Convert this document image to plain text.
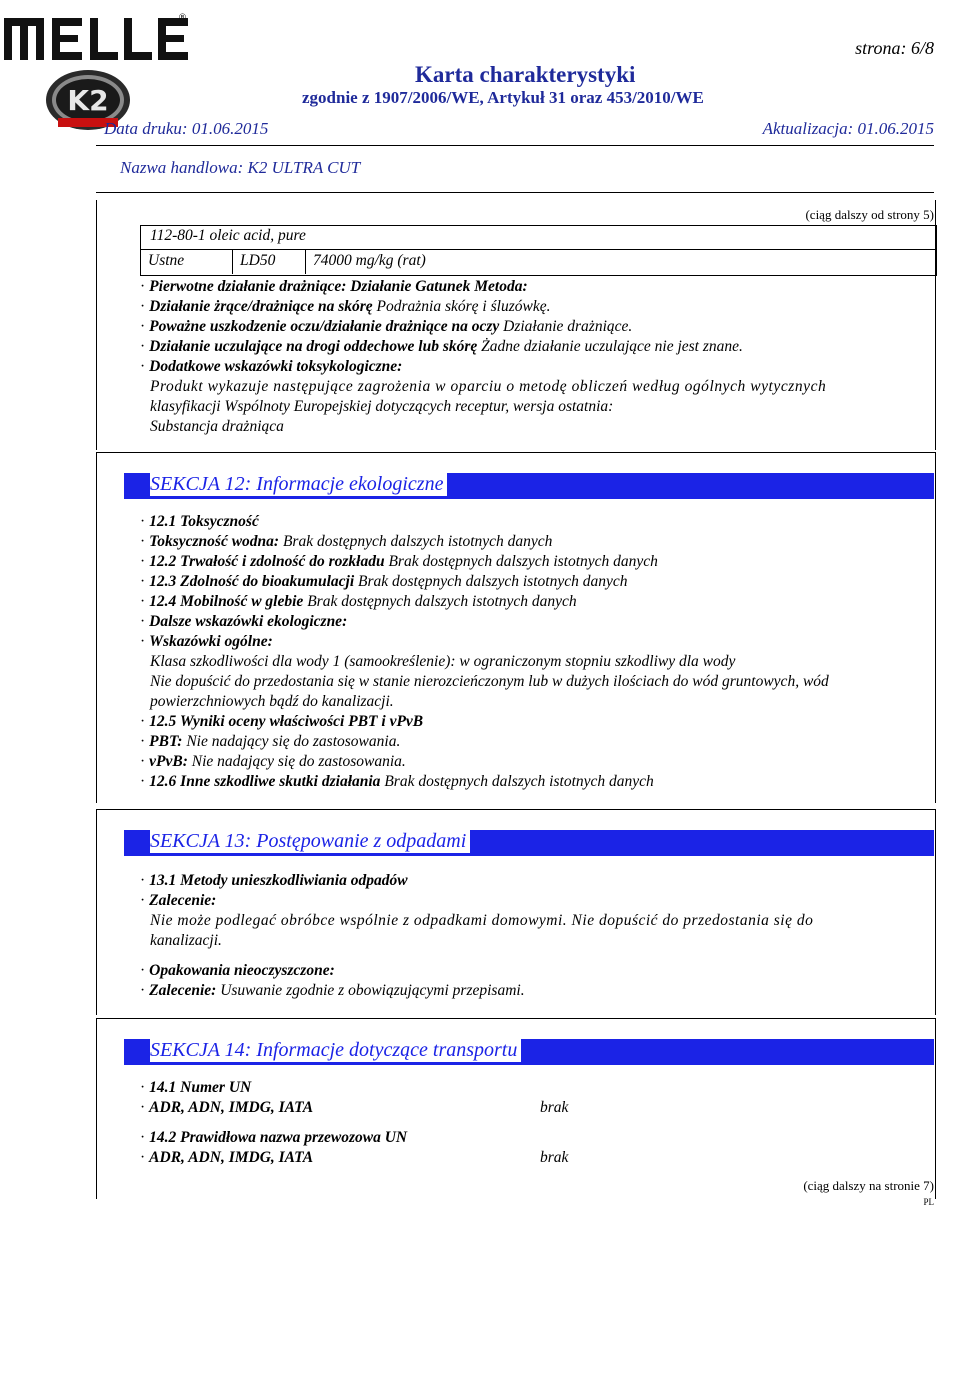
®
K2
strona: 6/8
Karta charakterystyki
zgodnie z 1907/2006/WE, Artykuł 31 oraz 453/2010/WE
Data druku: 01.06.2015	Aktualizacja: 01.06.2015
Nazwa handlowa: K2 ULTRA CUT
(ciąg dalszy od strony 5)
112-80-1 oleic acid, pure
Ustne	LD50 74000 mg/kg (rat)
· Pierwotne działanie drażniące: Działanie Gatunek Metoda:
· Działanie żrące/drażniące na skórę Podrażnia skórę i śluzówkę.
· Poważne uszkodzenie oczu/działanie drażniące na oczy Działanie drażniące.
· Działanie uczulające na drogi oddechowe lub skórę Żadne działanie uczulające nie jest znane.
· Dodatkowe wskazówki toksykologiczne:
Produkt wykazuje następujące zagrożenia w oparciu o metodę obliczeń według ogólnych wytycznych
klasyfikacji Wspólnoty Europejskiej dotyczących receptur, wersja ostatnia:
Substancja drażniąca
SEKCJA 12: Informacje ekologiczne
· 12.1 Toksyczność
· Toksyczność wodna: Brak dostępnych dalszych istotnych danych
· 12.2 Trwałość i zdolność do rozkładu Brak dostępnych dalszych istotnych danych
· 12.3 Zdolność do bioakumulacji Brak dostępnych dalszych istotnych danych
· 12.4 Mobilność w glebie Brak dostępnych dalszych istotnych danych
· Dalsze wskazówki ekologiczne:
· Wskazówki ogólne:
Klasa szkodliwości dla wody 1 (samookreślenie): w ograniczonym stopniu szkodliwy dla wody
Nie dopuścić do przedostania się w stanie nierozcieńczonym lub w dużych ilościach do wód gruntowych, wód
powierzchniowych bądź do kanalizacji.
· 12.5 Wyniki oceny właściwości PBT i vPvB
· PBT: Nie nadający się do zastosowania.
· vPvB: Nie nadający się do zastosowania.
· 12.6 Inne szkodliwe skutki działania Brak dostępnych dalszych istotnych danych
SEKCJA 13: Postępowanie z odpadami
· 13.1 Metody unieszkodliwiania odpadów
· Zalecenie:
Nie może podlegać obróbce wspólnie z odpadkami domowymi. Nie dopuścić do przedostania się do
kanalizacji.
· Opakowania nieoczyszczone:
· Zalecenie: Usuwanie zgodnie z obowiązującymi przepisami.
SEKCJA 14: Informacje dotyczące transportu
· 14.1 Numer UN
· ADR, ADN, IMDG, IATA	brak
· 14.2 Prawidłowa nazwa przewozowa UN
· ADR, ADN, IMDG, IATA	brak
(ciąg dalszy na stronie 7)
PL
